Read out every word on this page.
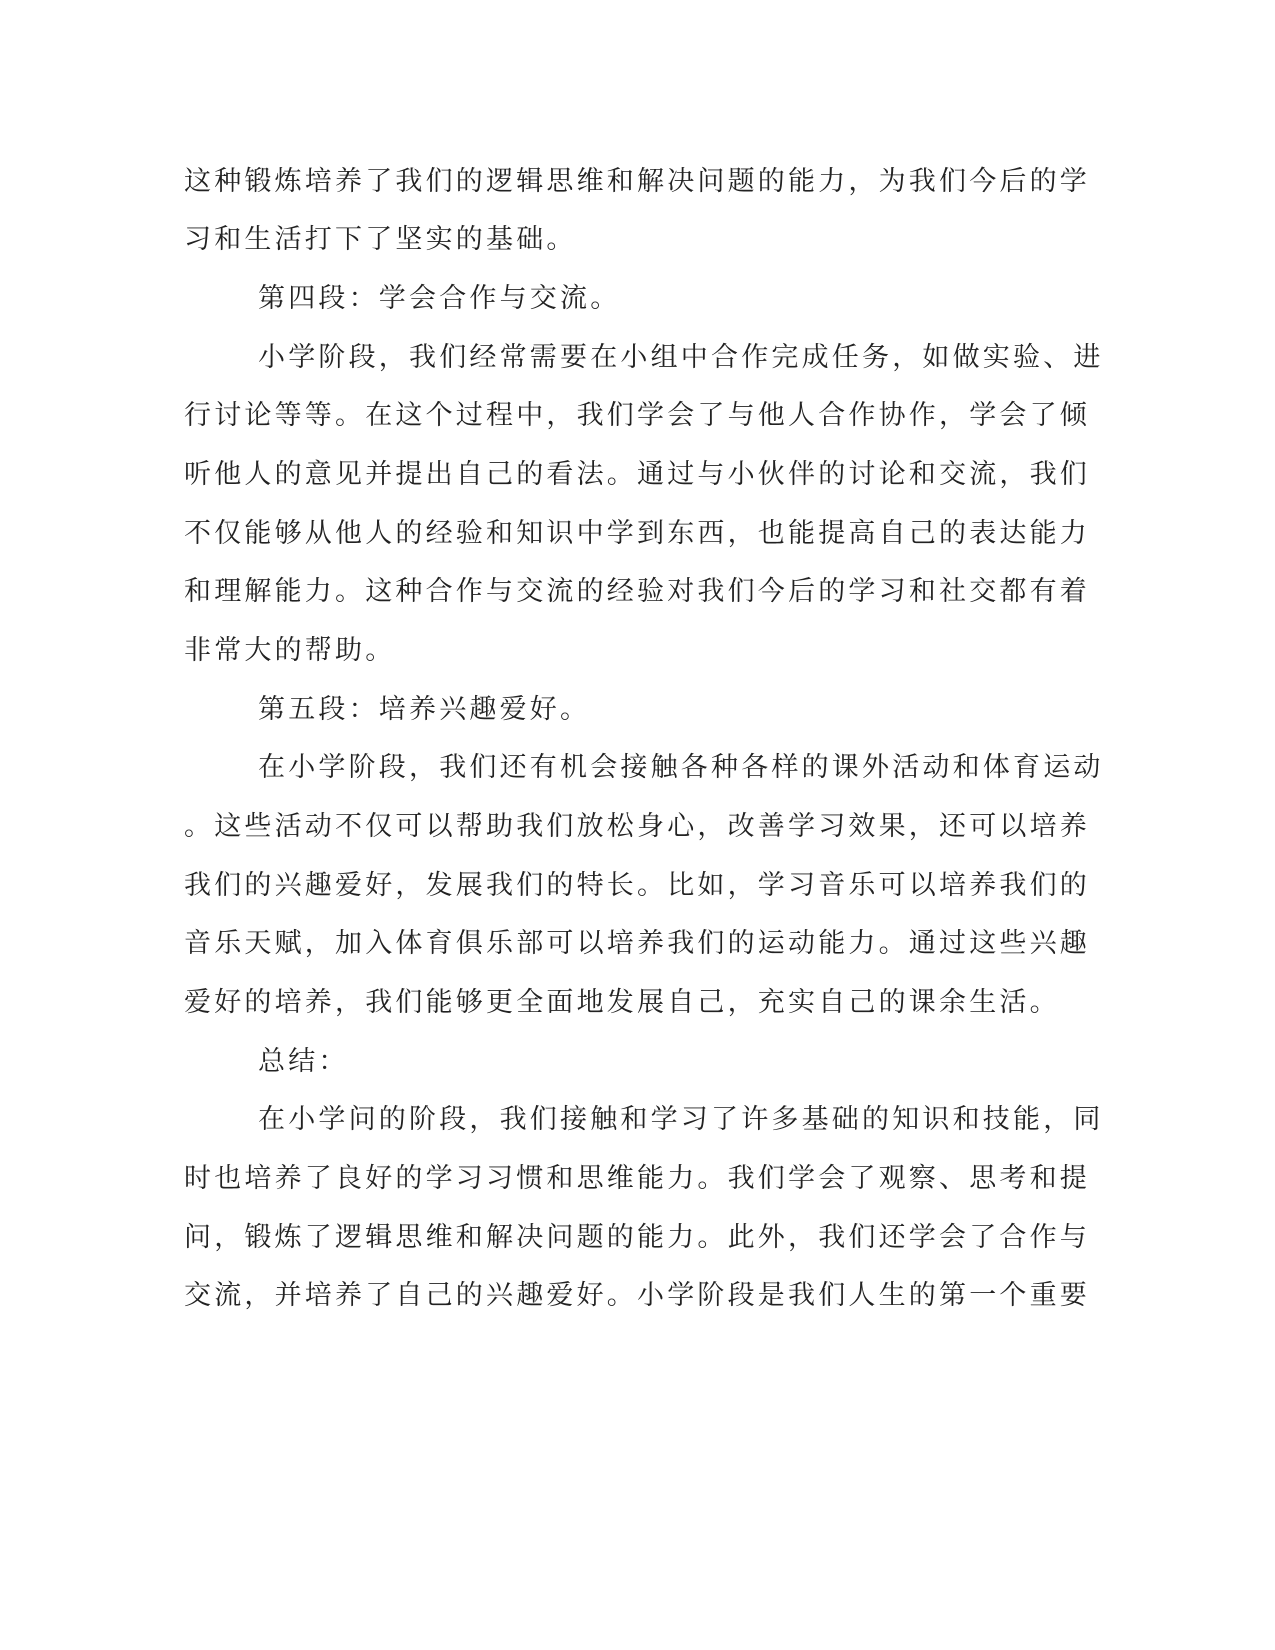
这种锻炼培养了我们的逻辑思维和解决问题的能力，为我们今后的学
习和生活打下了坚实的基础。
第四段：学会合作与交流。
小学阶段，我们经常需要在小组中合作完成任务，如做实验、进
行讨论等等。在这个过程中，我们学会了与他人合作协作，学会了倾
听他人的意见并提出自己的看法。通过与小伙伴的讨论和交流，我们
不仅能够从他人的经验和知识中学到东西，也能提高自己的表达能力
和理解能力。这种合作与交流的经验对我们今后的学习和社交都有着
非常大的帮助。
第五段：培养兴趣爱好。
在小学阶段，我们还有机会接触各种各样的课外活动和体育运动
。这些活动不仅可以帮助我们放松身心，改善学习效果，还可以培养
我们的兴趣爱好，发展我们的特长。比如，学习音乐可以培养我们的
音乐天赋，加入体育俱乐部可以培养我们的运动能力。通过这些兴趣
爱好的培养，我们能够更全面地发展自己，充实自己的课余生活。
总结：
在小学问的阶段，我们接触和学习了许多基础的知识和技能，同
时也培养了良好的学习习惯和思维能力。我们学会了观察、思考和提
问，锻炼了逻辑思维和解决问题的能力。此外，我们还学会了合作与
交流，并培养了自己的兴趣爱好。小学阶段是我们人生的第一个重要
